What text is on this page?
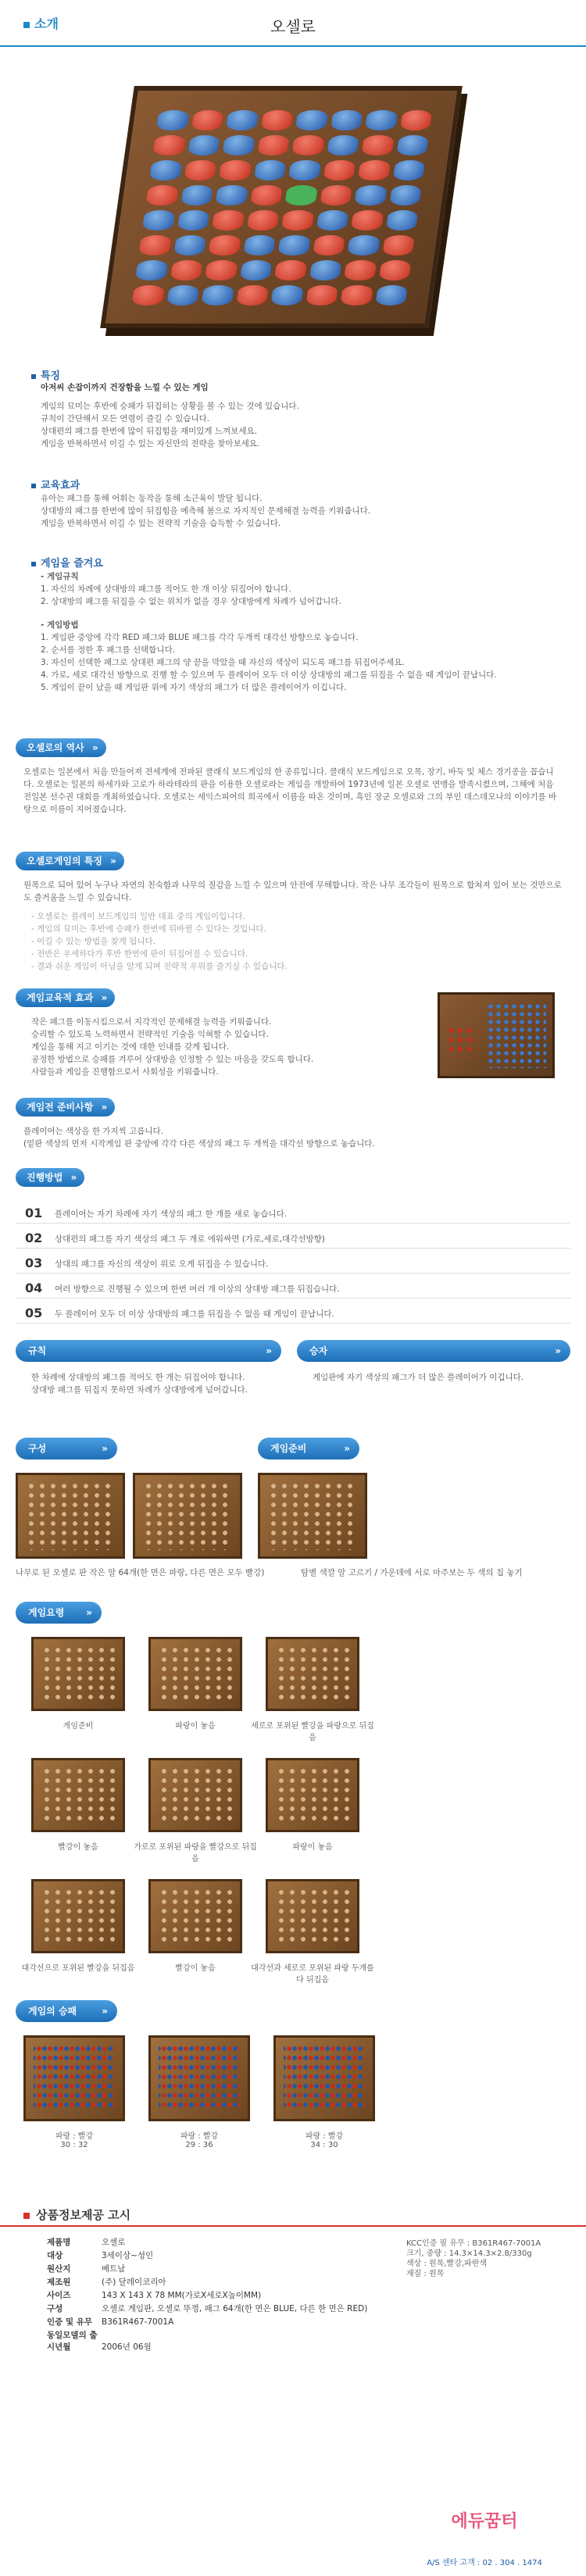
소개	오셀로
특징
아저씨 손잡이까지 건장함을 느낄 수 있는 게임
게임의 묘미는 후반에 승패가 뒤집히는 상황을 볼 수 있는 것에 있습니다.
규칙이 간단해서 모든 연령이 즐길 수 있습니다.
상대편의 패그를 한번에 많이 뒤집힘을 재미있게 느껴보세요.
게임을 반복하면서 이길 수 있는 자신만의 전략을 찾아보세요.
교육효과
유아는 패그를 통해 어휘는 동작을 통해 소근육이 발달 됩니다.
상대방의 패그를 한번에 많이 뒤집힘을 예측해 봄으로 자지적인 문제해결 능력을 키워줍니다.
게임을 반복하면서 이길 수 있는 전략적 기술을 습득할 수 있습니다.
게임을 즐겨요
- 게임규칙
1. 자신의 차례에 상대방의 패그를 적어도 한 개 이상 뒤집어야 합니다.
2. 상대방의 패그를 뒤집을 수 없는 위치가 없을 경우 상대방에게 차례가 넘어갑니다.
- 게임방법
1. 게임판 중앙에 각각 RED 패그와 BLUE 패그를 각각 두개씩 대각선 방향으로 놓습니다.
2. 순서를 정한 후 패그를 선택합니다.
3. 자신이 선택한 패그로 상대편 패그의 양 끝을 막았을 때 자신의 색상이 되도록 패그를 뒤집어주세요.
4. 가로, 세로 대각선 방향으로 진행 할 수 있으며 두 플레이어 모두 더 이상 상대방의 패그를 뒤집을 수 없을 때 게임이 끝납니다.
5. 게임이 끝이 났을 때 게임판 위에 자기 색상의 패그가 더 많은 플레이어가 이깁니다.
오셀로의 역사 »
오셀로는 일본에서 처음 만들어져 전세계에 전파된 클래식 보드게임의 한 종류입니다. 클래식 보드게임으로 오목, 장기, 바둑 및 체스 경기종을 꼽습니다. 오셀로는 일본의 하세가와 고로가 하라테라의 판을 이용한 오셀로라는 게임을 개발하여 1973년에 일본 오셀로 연맹을 발족시켰으며, 그해에 처음 전일본 선수권 대회를 개최하였습니다. 오셀로는 세익스피어의 희곡에서 이름을 따온 것이며, 흑인 장군 오셀로와 그의 부인 데스데모나의 이야기를 바탕으로 이름이 지어졌습니다.
오셀로게임의 특징 »
원목으로 되어 있어 누구나 자연의 친숙함과 나무의 질감을 느낄 수 있으며 안전에 무해합니다. 작은 나무 조각들이 원목으로 합쳐져 있어 보는 것만으로도 즐거움을 느낄 수 있습니다.
- 오셀로는 플레이 보드게임의 일반 대표 중의 게임이입니다.
- 게임의 묘미는 후반에 승패가 한번에 뒤바뀔 수 있다는 것입니다.
- 이길 수 있는 방법을 찾게 됩니다.
- 전반은 우세하다가 후반 한번에 판이 뒤집어질 수 있습니다.
- 결과 쉬운 게임이 아님을 알게 되며 전략적 우위를 즐기실 수 있습니다.
게임교육적 효과 »
작은 패그를 이동시킴으로서 지각적인 문제해결 능력을 키워줍니다.
승리할 수 있도록 노력하면서 전략적인 기술을 익혀할 수 있습니다.
게임을 통해 지고 이기는 것에 대한 인내를 갖게 됩니다.
공정한 방법으로 승패를 겨루어 상대방을 인정할 수 있는 마음을 갖도록 합니다.
사람들과 게임을 진행함으로서 사회성을 키워줍니다.
게임전 준비사항 »
플레이어는 색상을 한 가지씩 고릅니다.
(밑판 색상의 먼저 시작게임 판 중앙에 각각 다른 색상의 패그 두 개씩을 대각선 방향으로 놓습니다.
진행방법 »
01 플레이어는 자기 차례에 자기 색상의 패그 한 개를 새로 놓습니다.
02 상대편의 패그를 자기 색상의 패그 두 개로 에워싸면 (가로,세로,대각선방향)
03 상대의 패그를 자신의 색상이 위로 오게 뒤집을 수 있습니다.
04 여러 방향으로 진행될 수 있으며 한번 여러 개 이상의 상대방 패그를 뒤집습니다.
05 두 플레이어 모두 더 이상 상대방의 패그를 뒤집을 수 없을 때 게임이 끝납니다.
규칙	»
한 차례에 상대방의 패그를 적어도 한 개는 뒤집어야 합니다.
상대방 패그를 뒤집지 못하면 차례가 상대방에게 넘어갑니다.
승자	»
게임판에 자기 색상의 패그가 더 많은 플레이어가 이깁니다.
구성	»
나무로 된 오셀로 판 작은 알 64개(한 면은 파랑, 다른 면은 모두 빨강)
게임준비	»
탐별 색깔 알 고르기 / 가운데에 서로 마주보는 두 색의 칩 놓기
게임요령 »
게임준비	파랑이 놓음	세로로 포위된 빨강을 파랑으로 뒤집음
빨강이 놓음	가로로 포위된 파랑을 빨강으로 뒤집음
파랑이 놓음
대각선으로 포위된 빨강을 뒤집음	빨강이 놓음	대각선과 세로로 포위된 파랑 두개를 다 뒤집음
게임의 승패	»
파랑 : 빨강
30 : 32
파랑 : 빨강
29 : 36
파랑 : 빨강
34 : 30
상품정보제공 고시
제품명	오셀로
대상	3세이상~성인
원산지	베트남
제조원	(주) 달레이코리아
사이즈	143 X 143 X 78 MM(가로X세로X높이MM)
구성	오셀로 게임판, 오셀로 뚜껑, 패그 64개(한 면은 BLUE, 다른 한 면은 RED)
인증 및 유무 B361R467-7001A
동일모델의 출시년월	2006년 06월
KCC인증 필 유무 : B361R467-7001A
크기, 중량 : 14.3×14.3×2.8/330g
색상 : 원목,빨강,파란색
재질 : 원목
에듀꿈터
A/S 센타 고객 : 02 . 304 . 1474
